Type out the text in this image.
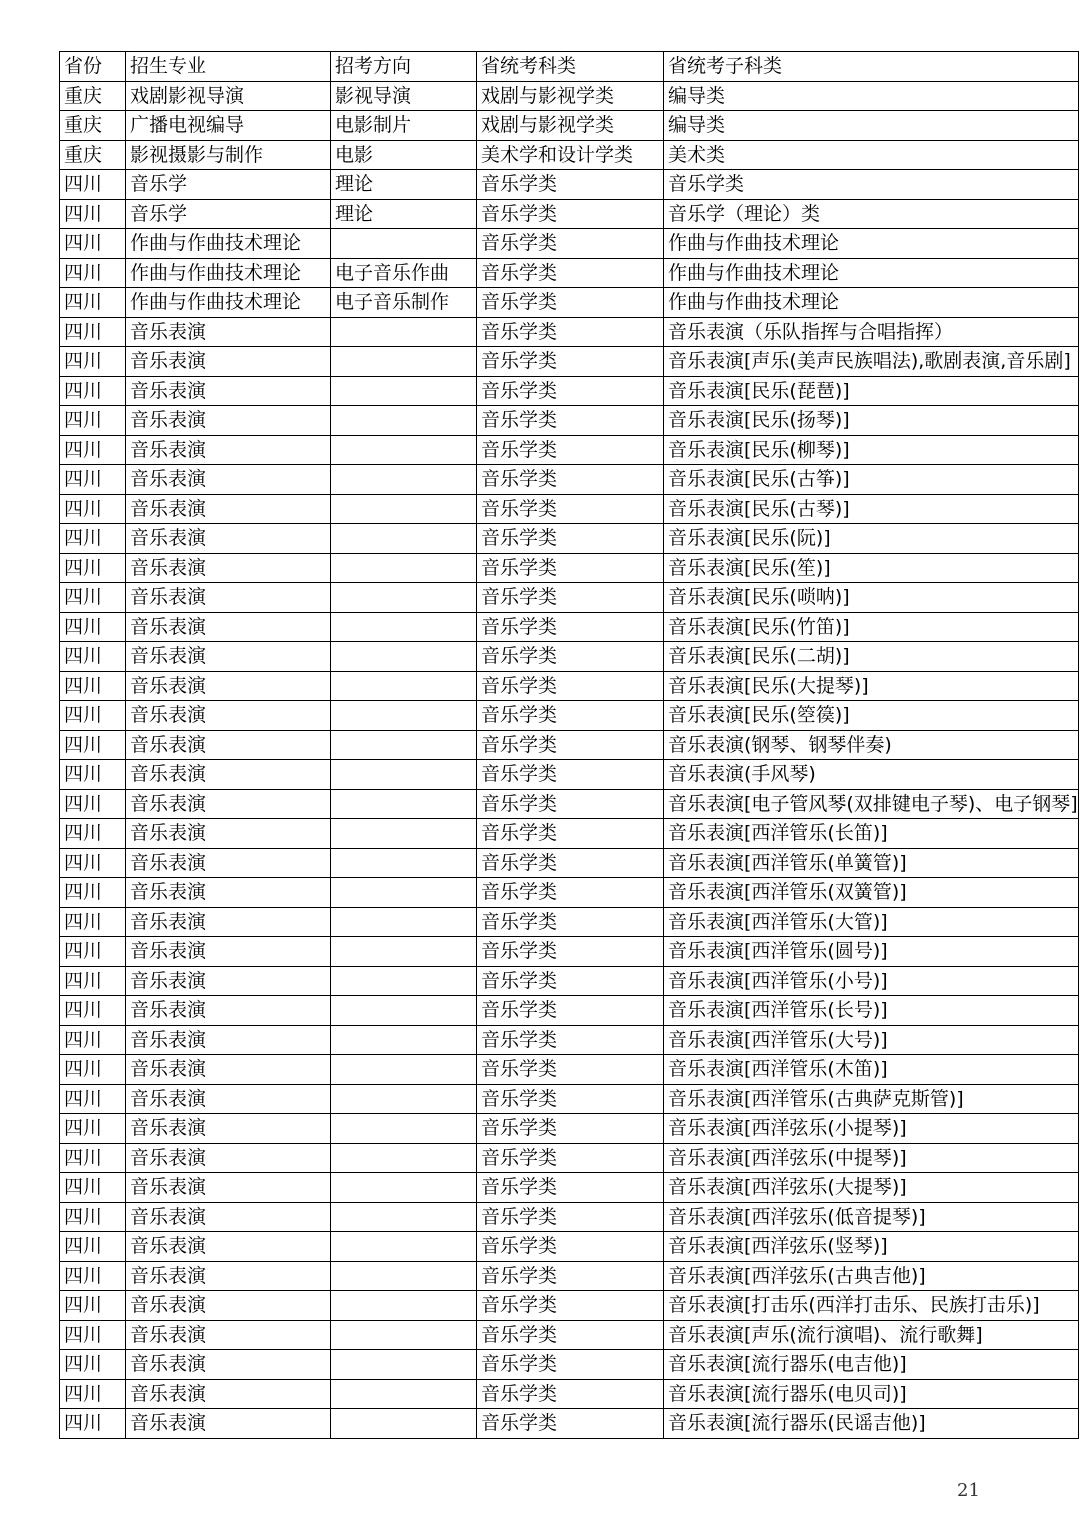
省份	招生专业	招考方向	省统考科类	省统考子科类
重庆	戏剧影视导演	影视导演	戏剧与影视学类	编导类
重庆	广播电视编导	电影制片	戏剧与影视学类	编导类
重庆	影视摄影与制作	电影	美术学和设计学类	美术类
四川	音乐学	理论	音乐学类	音乐学类
四川	音乐学	理论	音乐学类	音乐学（理论）类
四川	作曲与作曲技术理论		音乐学类	作曲与作曲技术理论
四川	作曲与作曲技术理论	电子音乐作曲	音乐学类	作曲与作曲技术理论
四川	作曲与作曲技术理论	电子音乐制作	音乐学类	作曲与作曲技术理论
四川	音乐表演		音乐学类	音乐表演（乐队指挥与合唱指挥）
四川	音乐表演		音乐学类	音乐表演[声乐(美声民族唱法),歌剧表演,音乐剧]
四川	音乐表演		音乐学类	音乐表演[民乐(琵琶)]
四川	音乐表演		音乐学类	音乐表演[民乐(扬琴)]
四川	音乐表演		音乐学类	音乐表演[民乐(柳琴)]
四川	音乐表演		音乐学类	音乐表演[民乐(古筝)]
四川	音乐表演		音乐学类	音乐表演[民乐(古琴)]
四川	音乐表演		音乐学类	音乐表演[民乐(阮)]
四川	音乐表演		音乐学类	音乐表演[民乐(笙)]
四川	音乐表演		音乐学类	音乐表演[民乐(唢呐)]
四川	音乐表演		音乐学类	音乐表演[民乐(竹笛)]
四川	音乐表演		音乐学类	音乐表演[民乐(二胡)]
四川	音乐表演		音乐学类	音乐表演[民乐(大提琴)]
四川	音乐表演		音乐学类	音乐表演[民乐(箜篌)]
四川	音乐表演		音乐学类	音乐表演(钢琴、钢琴伴奏)
四川	音乐表演		音乐学类	音乐表演(手风琴)
四川	音乐表演		音乐学类	音乐表演[电子管风琴(双排键电子琴)、电子钢琴]
四川	音乐表演		音乐学类	音乐表演[西洋管乐(长笛)]
四川	音乐表演		音乐学类	音乐表演[西洋管乐(单簧管)]
四川	音乐表演		音乐学类	音乐表演[西洋管乐(双簧管)]
四川	音乐表演		音乐学类	音乐表演[西洋管乐(大管)]
四川	音乐表演		音乐学类	音乐表演[西洋管乐(圆号)]
四川	音乐表演		音乐学类	音乐表演[西洋管乐(小号)]
四川	音乐表演		音乐学类	音乐表演[西洋管乐(长号)]
四川	音乐表演		音乐学类	音乐表演[西洋管乐(大号)]
四川	音乐表演		音乐学类	音乐表演[西洋管乐(木笛)]
四川	音乐表演		音乐学类	音乐表演[西洋管乐(古典萨克斯管)]
四川	音乐表演		音乐学类	音乐表演[西洋弦乐(小提琴)]
四川	音乐表演		音乐学类	音乐表演[西洋弦乐(中提琴)]
四川	音乐表演		音乐学类	音乐表演[西洋弦乐(大提琴)]
四川	音乐表演		音乐学类	音乐表演[西洋弦乐(低音提琴)]
四川	音乐表演		音乐学类	音乐表演[西洋弦乐(竖琴)]
四川	音乐表演		音乐学类	音乐表演[西洋弦乐(古典吉他)]
四川	音乐表演		音乐学类	音乐表演[打击乐(西洋打击乐、民族打击乐)]
四川	音乐表演		音乐学类	音乐表演[声乐(流行演唱)、流行歌舞]
四川	音乐表演		音乐学类	音乐表演[流行器乐(电吉他)]
四川	音乐表演		音乐学类	音乐表演[流行器乐(电贝司)]
四川	音乐表演		音乐学类	音乐表演[流行器乐(民谣吉他)]
21
